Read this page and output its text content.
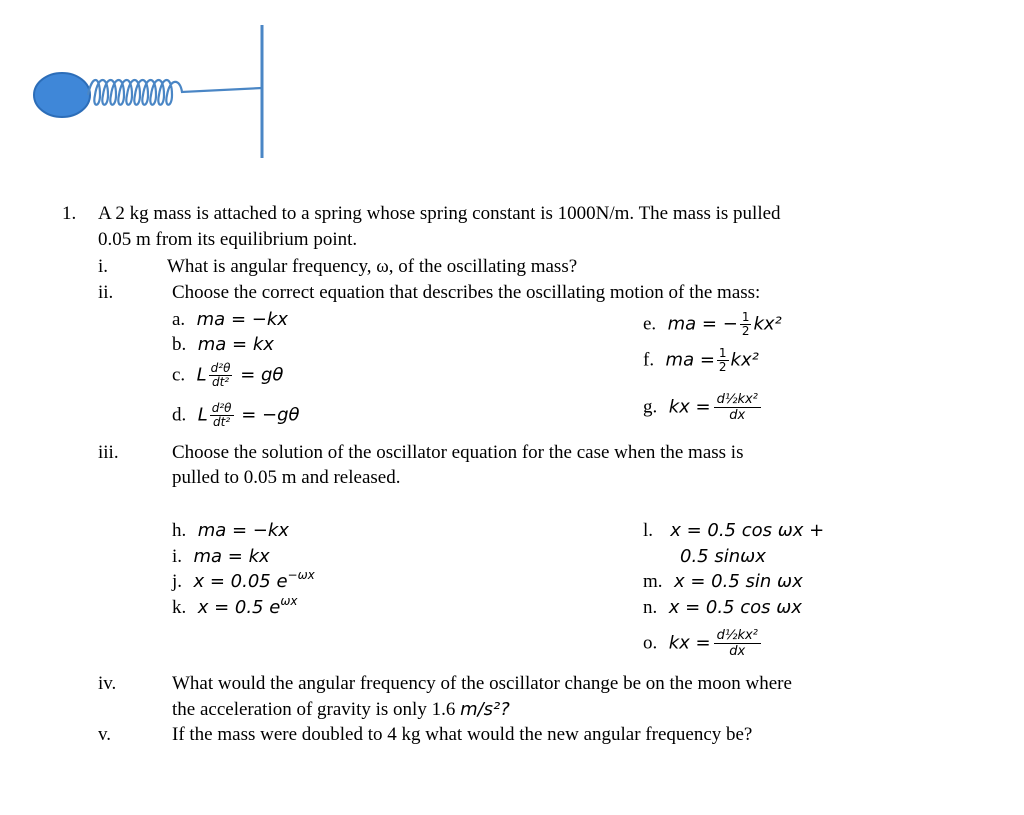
1. A 2 kg mass is attached to a spring whose spring constant is 1000N/m. The mass is pulled
0.05 m from its equilibrium point.
i.	What is angular frequency, ω, of the oscillating mass?
ii.	Choose the correct equation that describes the oscillating motion of the mass:
a. ma = −kx
b. ma = kx
c. L $\frac{\text{d²θ}}{\text{dt²}} = g\theta$
d. L $\frac{\text{d²θ}}{\text{dt²}} = -g\theta$
e. ma = − $\frac{1}{2} kx^2$
f. ma = $\frac{1}{2} kx^2$
g. kx = $\frac{\text{d½kx²}}{dx}$
iii.	Choose the solution of the oscillator equation for the case when the mass is
pulled to 0.05 m and released.
h. ma = −kx
i. ma = kx
j. x = 0.05 $e^{-\omega x}$
k. x = 0.5 $e^{\omega x}$
l. x = 0.5 cos ωx +
0.5 sinωx
m. x = 0.5 sin ωx
n. x = 0.5 cos ωx
o. kx = $\frac{\text{d½kx²}}{dx}$
iv.	What would the angular frequency of the oscillator change be on the moon where
the acceleration of gravity is only 1.6 m/s²?
v.	If the mass were doubled to 4 kg what would the new angular frequency be?
